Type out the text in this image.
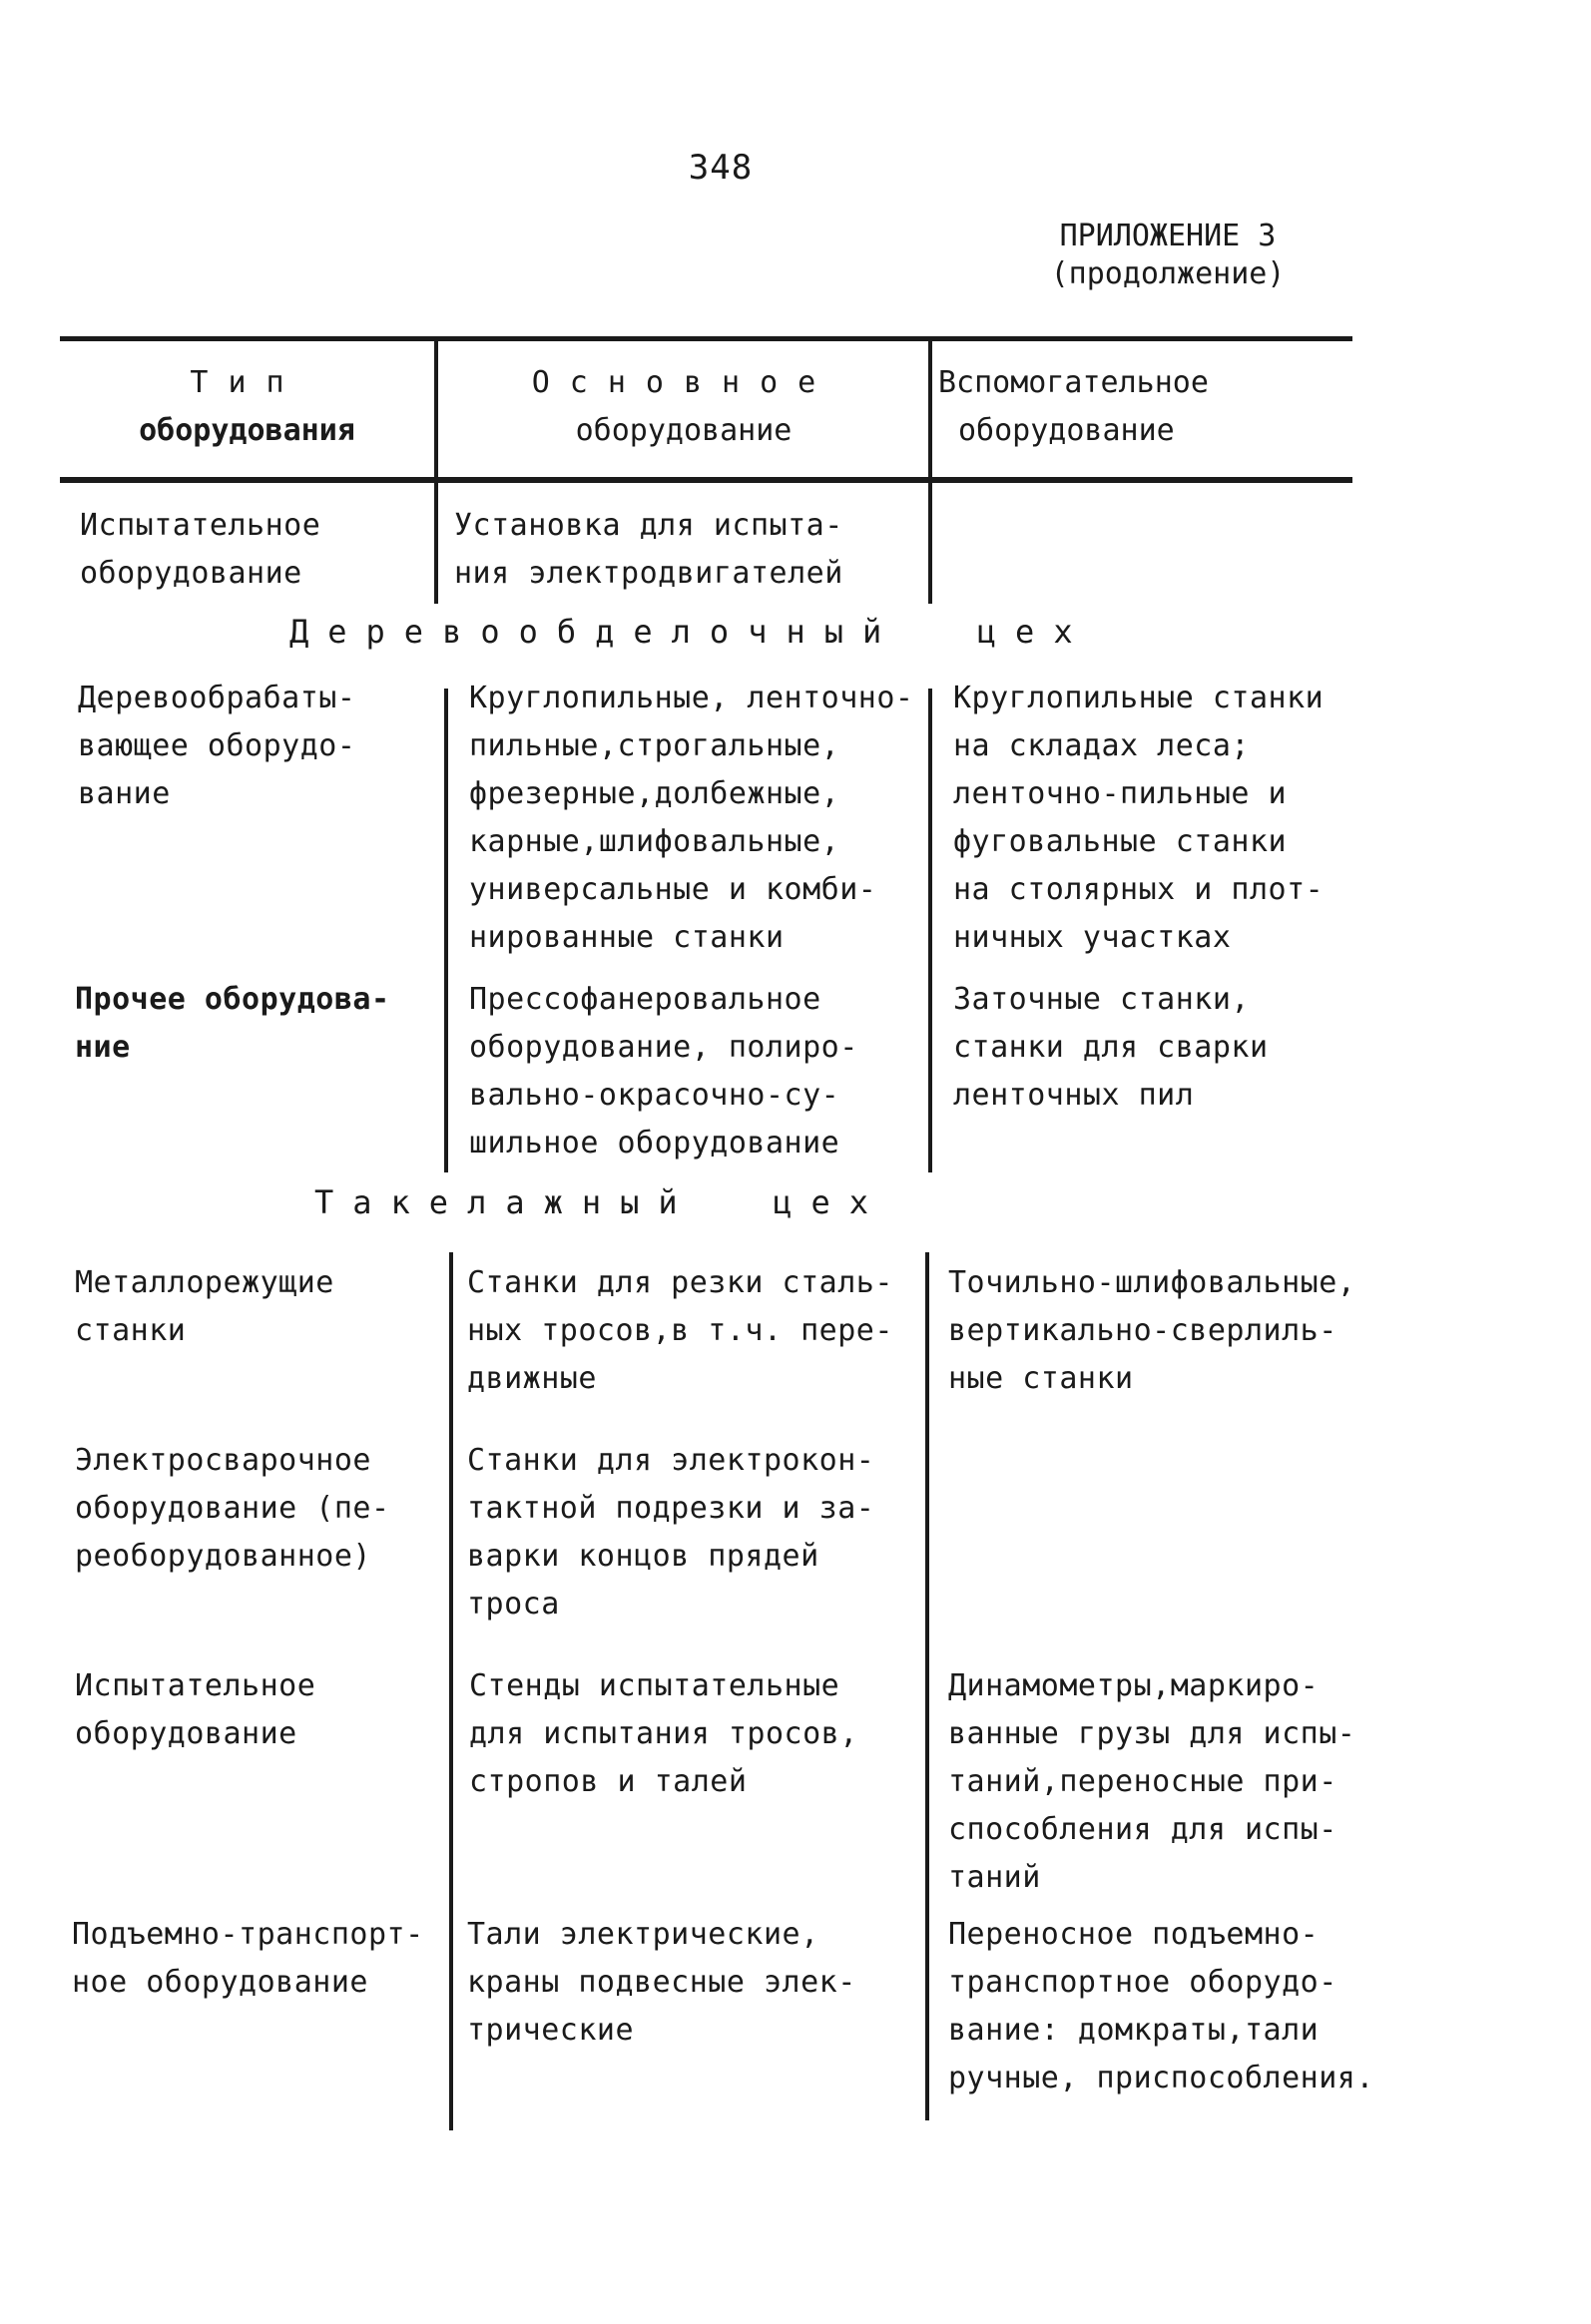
348
ПРИЛОЖЕНИЕ 3
(продолжение)
Тип
оборудования
Основное
оборудование
Вспомогательное
оборудование
Испытательное
оборудование
Установка для испыта-
ния электродвигателей
Деревообделочный  цех
Деревообрабаты-
вающее оборудо-
вание
Круглопильные, ленточно-
пильные,строгальные,
фрезерные,долбежные,
карные,шлифовальные,
универсальные и комби-
нированные станки
Круглопильные станки
на складах леса;
ленточно-пильные и
фуговальные станки
на столярных и плот-
ничных участках
Прочее оборудова-
ние
Прессофанеровальное
оборудование, полиро-
вально-окрасочно-су-
шильное оборудование
Заточные станки,
станки для сварки
ленточных пил
Такелажный  цех
Металлорежущие
станки
Станки для резки сталь-
ных тросов,в т.ч. пере-
движные
Точильно-шлифовальные,
вертикально-сверлиль-
ные станки
Электросварочное
оборудование (пе-
реоборудованное)
Станки для электрокон-
тактной подрезки и за-
варки концов прядей
троса
Испытательное
оборудование
Стенды испытательные
для испытания тросов,
стропов и талей
Динамометры,маркиро-
ванные грузы для испы-
таний,переносные при-
способления для испы-
таний
Подъемно-транспорт-
ное оборудование
Тали электрические,
краны подвесные элек-
трические
Переносное подъемно-
транспортное оборудо-
вание: домкраты,тали
ручные, приспособления.
